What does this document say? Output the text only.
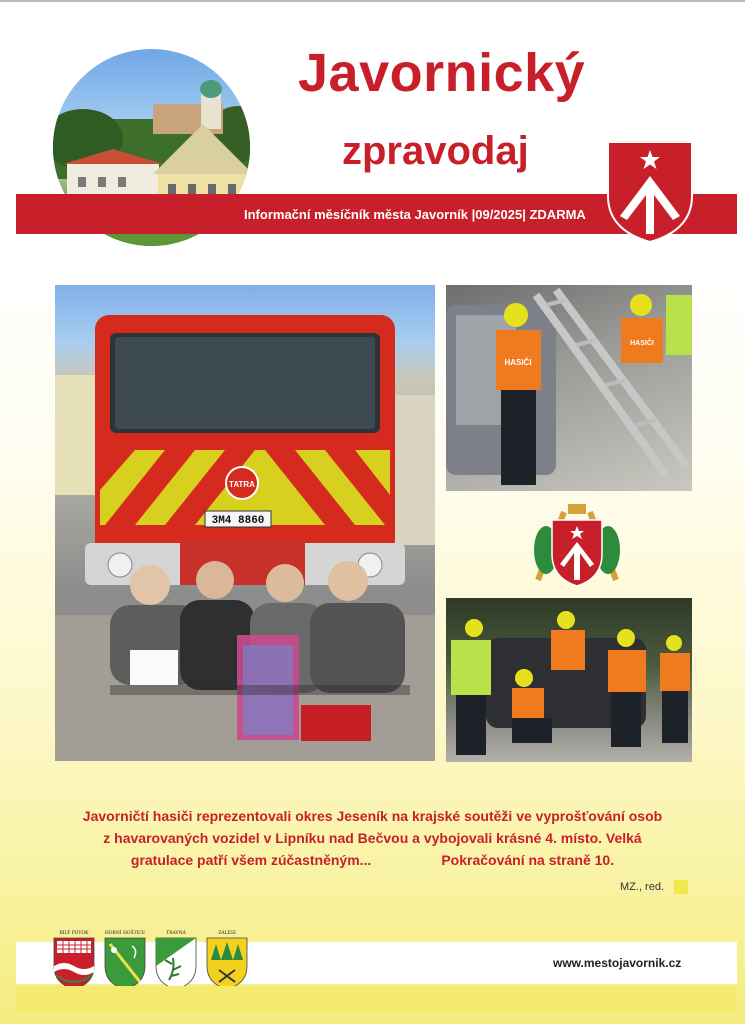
Javornický
zpravodaj
Informační měsíčník města Javorník |09/2025| ZDARMA
TATRA
3M4 8860
HASIČI
HASIČI
Javorničtí hasiči reprezentovali okres Jeseník na krajské soutěži ve vyprošťování osob
z havarovaných vozidel v Lipníku nad Bečvou a vybojovali krásné 4. místo. Velká
gratulace patří všem zúčastněným...	Pokračování na straně 10.
MZ., red.
BÍLÝ POTOK	HORNÍ HOŠTICE	TRAVNÁ	ZÁLESÍ
www.mestojavornik.cz
